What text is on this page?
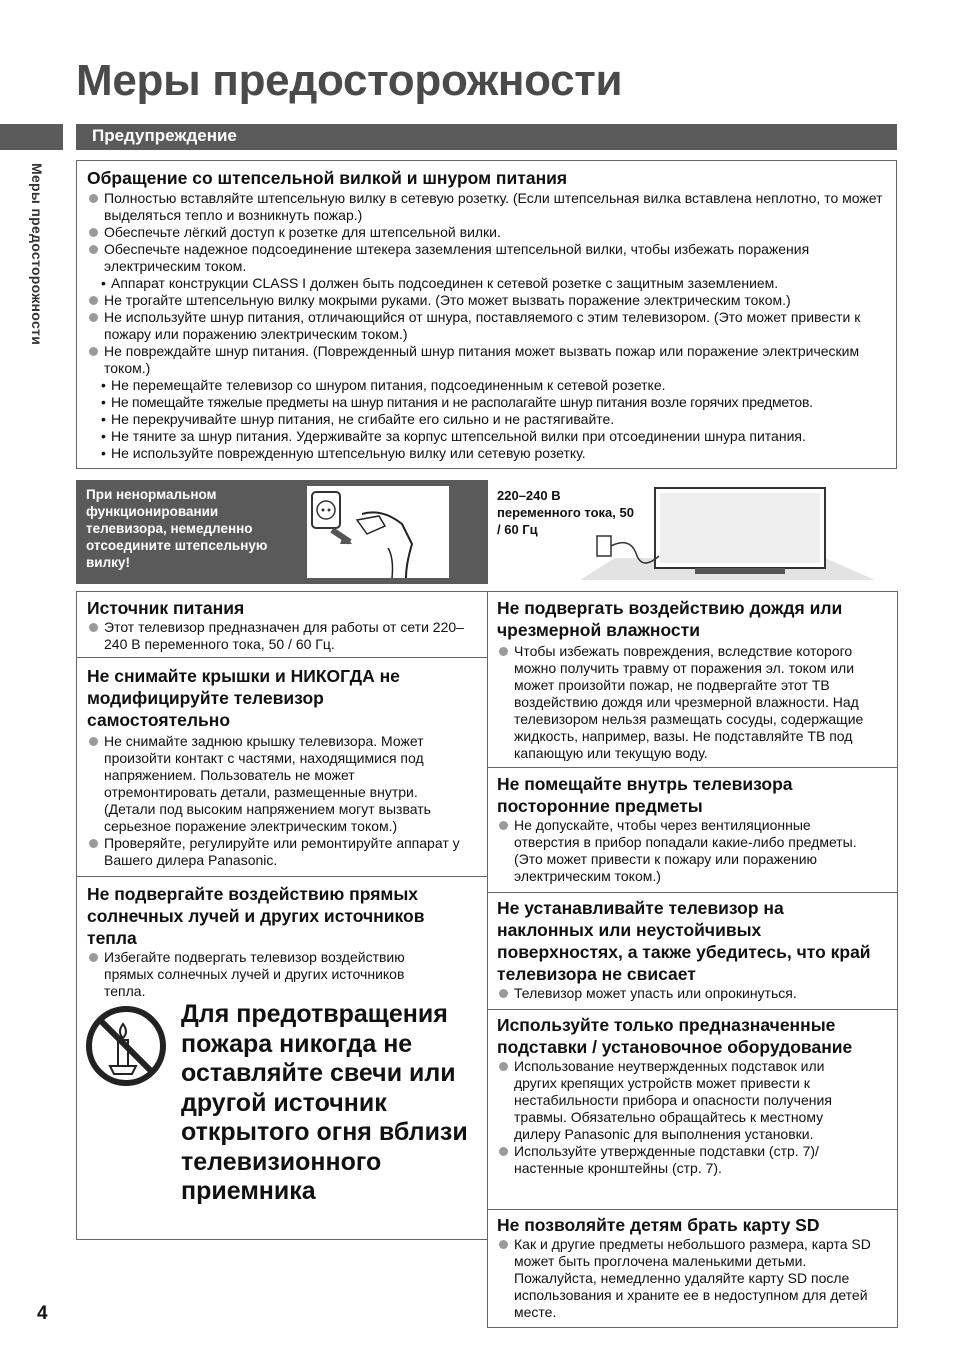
Меры предосторожности
Предупреждение
Меры предосторожности Обращение со штепсельной вилкой и шнуром питания
Полностью вставляйте штепсельную вилку в сетевую розетку. (Если штепсельная вилка вставлена неплотно, то может выделяться тепло и возникнуть пожар.)
Обеспечьте лёгкий доступ к розетке для штепсельной вилки.
Обеспечьте надежное подсоединение штекера заземления штепсельной вилки, чтобы избежать поражения электрическим током.
• Аппарат конструкции CLASS I должен быть подсоединен к сетевой розетке с защитным заземлением.
Не трогайте штепсельную вилку мокрыми руками. (Это может вызвать поражение электрическим током.)
Не используйте шнур питания, отличающийся от шнура, поставляемого с этим телевизором. (Это может привести к пожару или поражению электрическим током.)
Не повреждайте шнур питания. (Поврежденный шнур питания может вызвать пожар или поражение электрическим током.)
• Не перемещайте телевизор со шнуром питания, подсоединенным к сетевой розетке.
• Не помещайте тяжелые предметы на шнур питания и не располагайте шнур питания возле горячих предметов.
• Не перекручивайте шнур питания, не сгибайте его сильно и не растягивайте.
• Не тяните за шнур питания. Удерживайте за корпус штепсельной вилки при отсоединении шнура питания.
• Не используйте поврежденную штепсельную вилку или сетевую розетку.
При ненормальном функционировании телевизора, немедленно отсоедините штепсельную вилку!
220–240 В переменного тока, 50 / 60 Гц
Источник питания
Этот телевизор предназначен для работы от сети 220–240 В переменного тока, 50 / 60 Гц.
Не снимайте крышки и НИКОГДА не модифицируйте телевизор самостоятельно
Не снимайте заднюю крышку телевизора. Может произойти контакт с частями, находящимися под напряжением. Пользователь не может отремонтировать детали, размещенные внутри. (Детали под высоким напряжением могут вызвать серьезное поражение электрическим током.)
Проверяйте, регулируйте или ремонтируйте аппарат у Вашего дилера Panasonic.
Не подвергайте воздействию прямых солнечных лучей и других источников тепла
Избегайте подвергать телевизор воздействию прямых солнечных лучей и других источников тепла.
Для предотвращения пожара никогда не оставляйте свечи или другой источник открытого огня вблизи телевизионного приемника
Не подвергать воздействию дождя или чрезмерной влажности
Чтобы избежать повреждения, вследствие которого можно получить травму от поражения эл. током или может произойти пожар, не подвергайте этот ТВ воздействию дождя или чрезмерной влажности. Над телевизором нельзя размещать сосуды, содержащие жидкость, например, вазы. Не подставляйте ТВ под капающую или текущую воду.
Не помещайте внутрь телевизора посторонние предметы
Не допускайте, чтобы через вентиляционные отверстия в прибор попадали какие-либо предметы. (Это может привести к пожару или поражению электрическим током.)
Не устанавливайте телевизор на наклонных или неустойчивых поверхностях, а также убедитесь, что край телевизора не свисает
Телевизор может упасть или опрокинуться.
Используйте только предназначенные подставки / установочное оборудование
Использование неутвержденных подставок или других крепящих устройств может привести к нестабильности прибора и опасности получения травмы. Обязательно обращайтесь к местному дилеру Panasonic для выполнения установки.
Используйте утвержденные подставки (стр. 7)/ настенные кронштейны (стр. 7).
Не позволяйте детям брать карту SD
Как и другие предметы небольшого размера, карта SD может быть проглочена маленькими детьми. Пожалуйста, немедленно удаляйте карту SD после использования и храните ее в недоступном для детей месте.
4
